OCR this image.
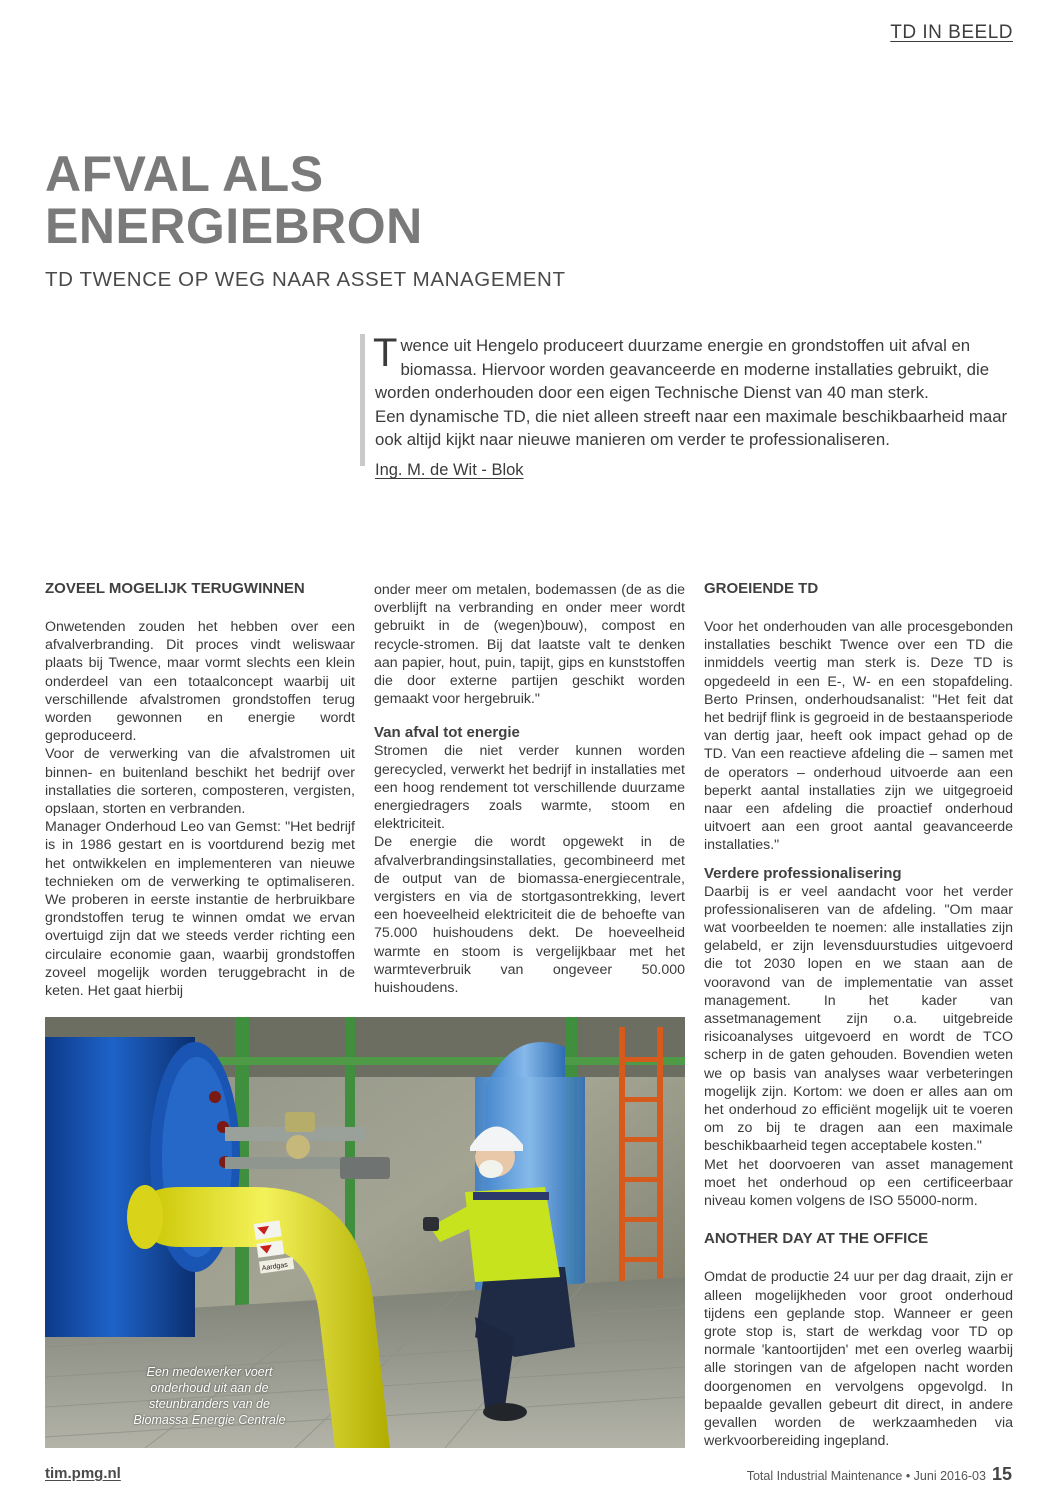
TD IN BEELD
AFVAL ALS
ENERGIEBRON
TD TWENCE OP WEG NAAR ASSET MANAGEMENT
Twence uit Hengelo produceert duurzame energie en grondstoffen uit afval en biomassa. Hiervoor worden geavanceerde en moderne installaties gebruikt, die worden onderhouden door een eigen Technische Dienst van 40 man sterk.
Een dynamische TD, die niet alleen streeft naar een maximale beschikbaarheid maar ook altijd kijkt naar nieuwe manieren om verder te professionaliseren.
Ing. M. de Wit - Blok
ZOVEEL MOGELIJK TERUGWINNEN

Onwetenden zouden het hebben over een afvalverbranding. Dit proces vindt weliswaar plaats bij Twence, maar vormt slechts een klein onderdeel van een totaalconcept waarbij uit verschillende afvalstromen grondstoffen terug worden gewonnen en energie wordt geproduceerd.

Voor de verwerking van die afvalstromen uit binnen- en buitenland beschikt het bedrijf over installaties die sorteren, composteren, vergisten, opslaan, storten en verbranden.

Manager Onderhoud Leo van Gemst: "Het bedrijf is in 1986 gestart en is voortdurend bezig met het ontwikkelen en implementeren van nieuwe technieken om de verwerking te optimaliseren. We proberen in eerste instantie de herbruikbare grondstoffen terug te winnen omdat we ervan overtuigd zijn dat we steeds verder richting een circulaire economie gaan, waarbij grondstoffen zoveel mogelijk worden teruggebracht in de keten. Het gaat hierbij

onder meer om metalen, bodemassen (de as die overblijft na verbranding en onder meer wordt gebruikt in de (wegen)bouw), compost en recycle-stromen. Bij dat laatste valt te denken aan papier, hout, puin, tapijt, gips en kunststoffen die door externe partijen geschikt worden gemaakt voor hergebruik."

Van afval tot energie

Stromen die niet verder kunnen worden gerecycled, verwerkt het bedrijf in installaties met een hoog rendement tot verschillende duurzame energiedragers zoals warmte, stoom en elektriciteit.

De energie die wordt opgewekt in de afvalverbrandingsinstallaties, gecombineerd met de output van de biomassa-energiecentrale, vergisters en via de stortgasontrekking, levert een hoeveelheid elektriciteit die de behoefte van 75.000 huishoudens dekt. De hoeveelheid warmte en stoom is vergelijkbaar met het warmteverbruik van ongeveer 50.000 huishoudens.

GROEIENDE TD

Voor het onderhouden van alle procesgebonden installaties beschikt Twence over een TD die inmiddels veertig man sterk is. Deze TD is opgedeeld in een E-, W- en een stopafdeling. Berto Prinsen, onderhoudsanalist: "Het feit dat het bedrijf flink is gegroeid in de bestaansperiode van dertig jaar, heeft ook impact gehad op de TD. Van een reactieve afdeling die – samen met de operators – onderhoud uitvoerde aan een beperkt aantal installaties zijn we uitgegroeid naar een afdeling die proactief onderhoud uitvoert aan een groot aantal geavanceerde installaties."

Verdere professionalisering

Daarbij is er veel aandacht voor het verder professionaliseren van de afdeling. "Om maar wat voorbeelden te noemen: alle installaties zijn gelabeld, er zijn levensduurstudies uitgevoerd die tot 2030 lopen en we staan aan de vooravond van de implementatie van asset management. In het kader van assetmanagement zijn o.a. uitgebreide risicoanalyses uitgevoerd en wordt de TCO scherp in de gaten gehouden. Bovendien weten we op basis van analyses waar verbeteringen mogelijk zijn. Kortom: we doen er alles aan om het onderhoud zo efficiënt mogelijk uit te voeren om zo bij te dragen aan een maximale beschikbaarheid tegen acceptabele kosten."

Met het doorvoeren van asset management moet het onderhoud op een certificeerbaar niveau komen volgens de ISO 55000-norm.

ANOTHER DAY AT THE OFFICE

Omdat de productie 24 uur per dag draait, zijn er alleen mogelijkheden voor groot onderhoud tijdens een geplande stop. Wanneer er geen grote stop is, start de werkdag voor TD op normale 'kantoortijden' met een overleg waarbij alle storingen van de afgelopen nacht worden doorgenomen en vervolgens opgevolgd. In bepaalde gevallen gebeurt dit direct, in andere gevallen worden de werkzaamheden via werkvoorbereiding ingepland.

Aardgas
Een medewerker voert onderhoud uit aan de steunbranders van de Biomassa Energie Centrale
tim.pmg.nl	Total Industrial Maintenance • Juni 2016-03 15
